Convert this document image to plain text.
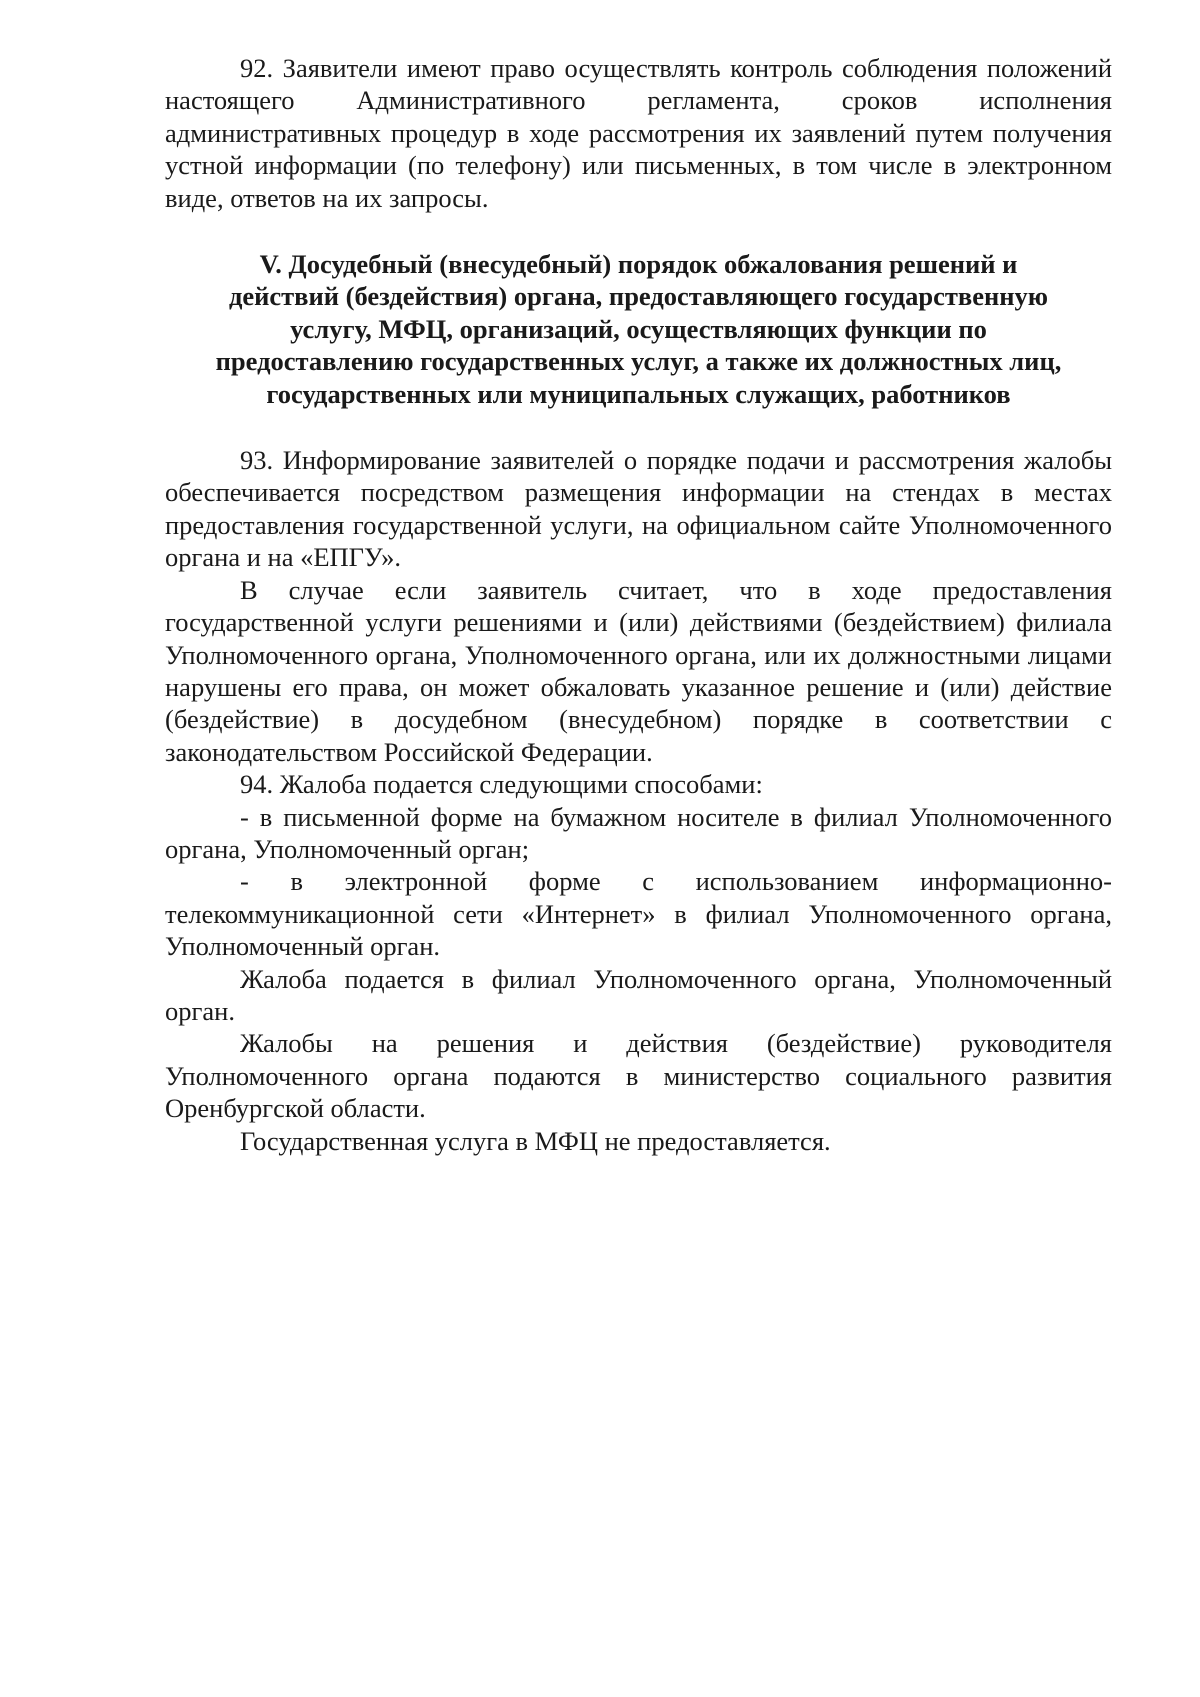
92. Заявители имеют право осуществлять контроль соблюдения положений настоящего Административного регламента, сроков исполнения административных процедур в ходе рассмотрения их заявлений путем получения устной информации (по телефону) или письменных, в том числе в электронном виде, ответов на их запросы.

V. Досудебный (внесудебный) порядок обжалования решений и
действий (бездействия) органа, предоставляющего государственную
услугу, МФЦ, организаций, осуществляющих функции по
предоставлению государственных услуг, а также их должностных лиц,
государственных или муниципальных служащих, работников

93. Информирование заявителей о порядке подачи и рассмотрения жалобы обеспечивается посредством размещения информации на стендах в местах предоставления государственной услуги, на официальном сайте Уполномоченного органа и на «ЕПГУ».

В случае если заявитель считает, что в ходе предоставления государственной услуги решениями и (или) действиями (бездействием) филиала Уполномоченного органа, Уполномоченного органа, или их должностными лицами нарушены его права, он может обжаловать указанное решение и (или) действие (бездействие) в досудебном (внесудебном) порядке в соответствии с законодательством Российской Федерации.

94. Жалоба подается следующими способами:

- в письменной форме на бумажном носителе в филиал Уполномоченного органа, Уполномоченный орган;

- в электронной форме с использованием информационно-телекоммуникационной сети «Интернет» в филиал Уполномоченного органа, Уполномоченный орган.

Жалоба подается в филиал Уполномоченного органа, Уполномоченный орган.

Жалобы на решения и действия (бездействие) руководителя Уполномоченного органа подаются в министерство социального развития Оренбургской области.

Государственная услуга в МФЦ не предоставляется.
